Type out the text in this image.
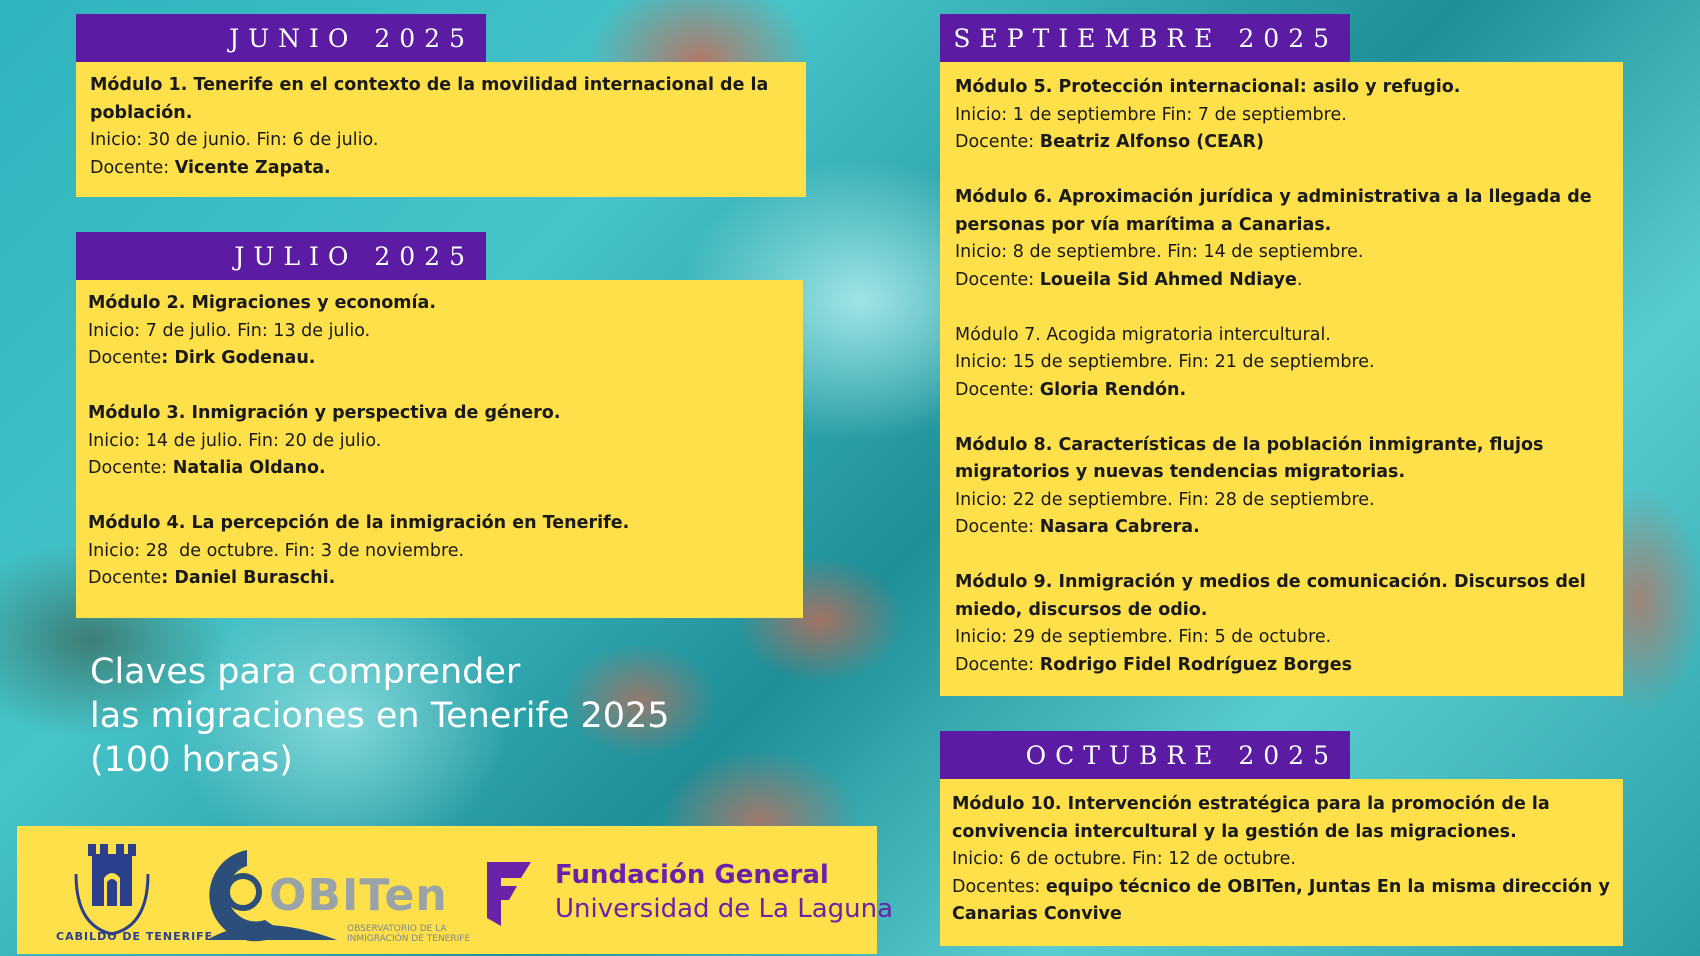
JUNIO 2025

Módulo 1. Tenerife en el contexto de la movilidad internacional de la población.

Inicio: 30 de junio. Fin: 6 de julio.

Docente: Vicente Zapata.

JULIO 2025

Módulo 2. Migraciones y economía.

Inicio: 7 de julio. Fin: 13 de julio.

Docente: Dirk Godenau.

Módulo 3. Inmigración y perspectiva de género.

Inicio: 14 de julio. Fin: 20 de julio.

Docente: Natalia Oldano.

Módulo 4. La percepción de la inmigración en Tenerife.

Inicio: 28  de octubre. Fin: 3 de noviembre.

Docente: Daniel Buraschi.

SEPTIEMBRE 2025

Módulo 5. Protección internacional: asilo y refugio.

Inicio: 1 de septiembre Fin: 7 de septiembre.

Docente: Beatriz Alfonso (CEAR)

Módulo 6. Aproximación jurídica y administrativa a la llegada de personas por vía marítima a Canarias.

Inicio: 8 de septiembre. Fin: 14 de septiembre.

Docente: Loueila Sid Ahmed Ndiaye.

Módulo 7. Acogida migratoria intercultural.

Inicio: 15 de septiembre. Fin: 21 de septiembre.

Docente: Gloria Rendón.

Módulo 8. Características de la población inmigrante, flujos migratorios y nuevas tendencias migratorias.

Inicio: 22 de septiembre. Fin: 28 de septiembre.

Docente: Nasara Cabrera.

Módulo 9. Inmigración y medios de comunicación. Discursos del miedo, discursos de odio.

Inicio: 29 de septiembre. Fin: 5 de octubre.

Docente: Rodrigo Fidel Rodríguez Borges

OCTUBRE 2025

Módulo 10. Intervención estratégica para la promoción de la convivencia intercultural y la gestión de las migraciones.

Inicio: 6 de octubre. Fin: 12 de octubre.

Docentes: equipo técnico de OBITen, Juntas En la misma dirección y Canarias Convive

Claves para comprender
las migraciones en Tenerife 2025
(100 horas)
CABILDO DE TENERIFE
OBITen
OBSERVATORIO DE LA INMIGRACIÓN DE TENERIFE
Fundación General
Universidad de La Laguna
